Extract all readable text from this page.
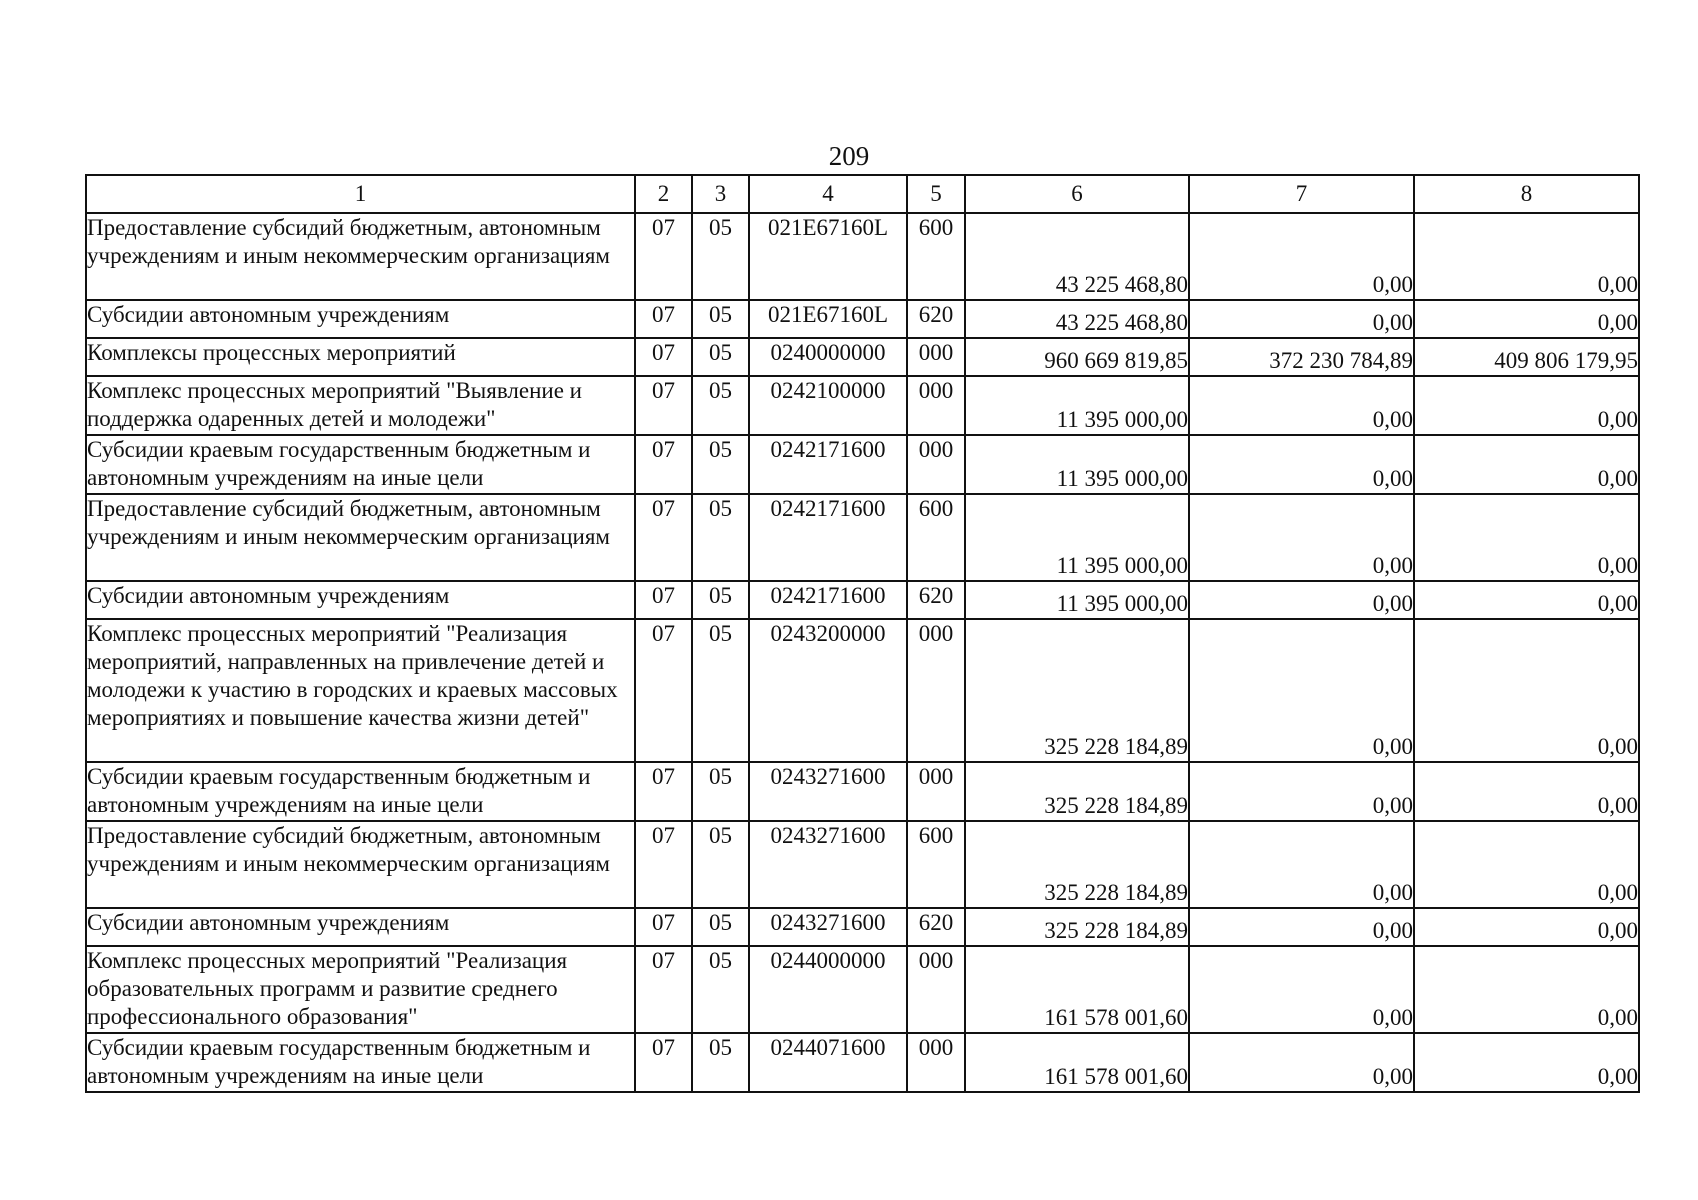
209
1	2	3	4	5	6	7	8
Предоставление субсидий бюджетным, автономным учреждениям и иным некоммерческим организациям	07	05	021E67160L	600	43 225 468,80	0,00	0,00
Субсидии автономным учреждениям	07	05	021E67160L	620	43 225 468,80	0,00	0,00
Комплексы процессных мероприятий	07	05	0240000000	000	960 669 819,85	372 230 784,89	409 806 179,95
Комплекс процессных мероприятий "Выявление и поддержка одаренных детей и молодежи"	07	05	0242100000	000	11 395 000,00	0,00	0,00
Субсидии краевым государственным бюджетным и автономным учреждениям на иные цели	07	05	0242171600	000	11 395 000,00	0,00	0,00
Предоставление субсидий бюджетным, автономным учреждениям и иным некоммерческим организациям	07	05	0242171600	600	11 395 000,00	0,00	0,00
Субсидии автономным учреждениям	07	05	0242171600	620	11 395 000,00	0,00	0,00
Комплекс процессных мероприятий "Реализация мероприятий, направленных на привлечение детей и молодежи к участию в городских и краевых массовых мероприятиях и повышение качества жизни детей"	07	05	0243200000	000	325 228 184,89	0,00	0,00
Субсидии краевым государственным бюджетным и автономным учреждениям на иные цели	07	05	0243271600	000	325 228 184,89	0,00	0,00
Предоставление субсидий бюджетным, автономным учреждениям и иным некоммерческим организациям	07	05	0243271600	600	325 228 184,89	0,00	0,00
Субсидии автономным учреждениям	07	05	0243271600	620	325 228 184,89	0,00	0,00
Комплекс процессных мероприятий "Реализация образовательных программ и развитие среднего профессионального образования"	07	05	0244000000	000	161 578 001,60	0,00	0,00
Субсидии краевым государственным бюджетным и автономным учреждениям на иные цели	07	05	0244071600	000	161 578 001,60	0,00	0,00
